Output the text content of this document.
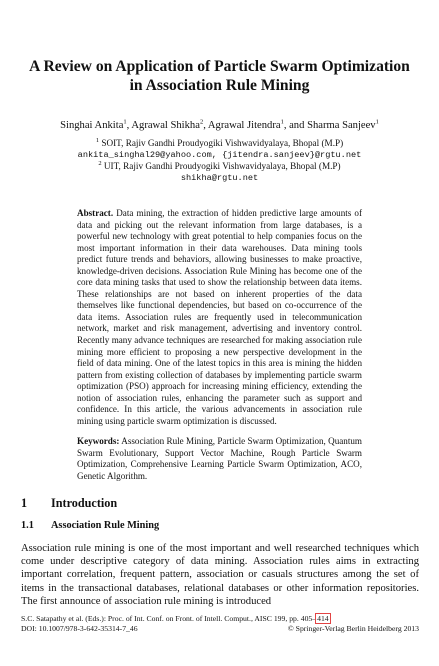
A Review on Application of Particle Swarm Optimization
in Association Rule Mining
Singhai Ankita$^1$, Agrawal Shikha$^2$, Agrawal Jitendra$^1$, and Sharma Sanjeev$^1$
$^1$ SOIT, Rajiv Gandhi Proudyogiki Vishwavidyalaya, Bhopal (M.P)
ankita_singhal29@yahoo.com, {jitendra.sanjeev}@rgtu.net
$^2$ UIT, Rajiv Gandhi Proudyogiki Vishwavidyalaya, Bhopal (M.P)
shikha@rgtu.net

Abstract. Data mining, the extraction of hidden predictive large amounts of data and picking out the relevant information from large databases, is a powerful new technology with great potential to help companies focus on the most important information in their data warehouses. Data mining tools predict future trends and behaviors, allowing businesses to make proactive, knowledge-driven decisions. Association Rule Mining has become one of the core data mining tasks that used to show the relationship between data items. These relationships are not based on inherent properties of the data themselves like functional dependencies, but based on co-occurrence of the data items. Association rules are frequently used in telecommunication network, market and risk management, advertising and inventory control. Recently many advance techniques are researched for making association rule mining more efficient to proposing a new perspective development in the field of data mining. One of the latest topics in this area is mining the hidden pattern from existing collection of databases by implementing particle swarm optimization (PSO) approach for increasing mining efficiency, extending the notion of association rules, enhancing the parameter such as support and confidence. In this article, the various advancements in association rule mining using particle swarm optimization is discussed.

Keywords: Association Rule Mining, Particle Swarm Optimization, Quantum Swarm Evolutionary, Support Vector Machine, Rough Particle Swarm Optimization, Comprehensive Learning Particle Swarm Optimization, ACO, Genetic Algorithm.

1 Introduction
1.1 Association Rule Mining

Association rule mining is one of the most important and well researched techniques which come under descriptive category of data mining. Association rules aims in extracting important correlation, frequent pattern, association or casuals structures among the set of items in the transactional databases, relational databases or other information repositories. The first announce of association rule mining is introduced

S.C. Satapathy et al. (Eds.): Proc. of Int. Conf. on Front. of Intell. Comput., AISC 199, pp. 405–414.
DOI: 10.1007/978-3-642-35314-7_46	© Springer-Verlag Berlin Heidelberg 2013
